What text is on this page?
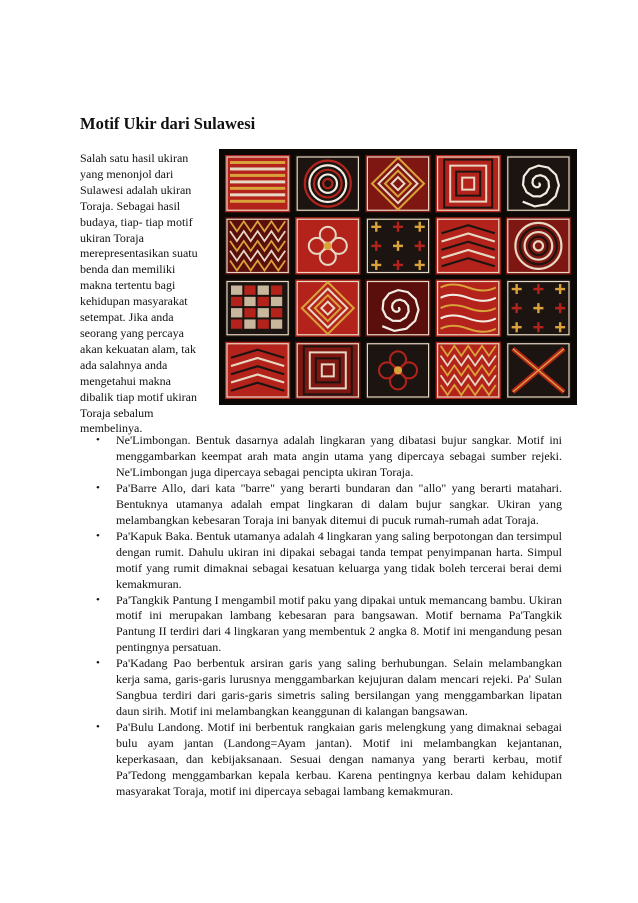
Motif Ukir dari Sulawesi
Salah satu hasil ukiran
yang menonjol dari
Sulawesi adalah ukiran
Toraja. Sebagai hasil
budaya, tiap- tiap motif
ukiran Toraja
merepresentasikan suatu
benda dan memiliki
makna tertentu bagi
kehidupan masyarakat
setempat. Jika anda
seorang yang percaya
akan kekuatan alam, tak
ada salahnya anda
mengetahui makna
dibalik tiap motif ukiran
Toraja sebalum
membelinya.
• Ne'Limbongan. Bentuk dasarnya adalah lingkaran yang dibatasi bujur sangkar. Motif ini menggambarkan keempat arah mata angin utama yang dipercaya sebagai sumber rejeki. Ne'Limbongan juga dipercaya sebagai pencipta ukiran Toraja.
• Pa'Barre Allo, dari kata "barre" yang berarti bundaran dan "allo" yang berarti matahari. Bentuknya utamanya adalah empat lingkaran di dalam bujur sangkar. Ukiran yang melambangkan kebesaran Toraja ini banyak ditemui di pucuk rumah-rumah adat Toraja.
• Pa'Kapuk Baka. Bentuk utamanya adalah 4 lingkaran yang saling berpotongan dan tersimpul dengan rumit. Dahulu ukiran ini dipakai sebagai tanda tempat penyimpanan harta. Simpul motif yang rumit dimaknai sebagai kesatuan keluarga yang tidak boleh tercerai berai demi kemakmuran.
• Pa'Tangkik Pantung I mengambil motif paku yang dipakai untuk memancang bambu. Ukiran motif ini merupakan lambang kebesaran para bangsawan. Motif bernama Pa'Tangkik Pantung II terdiri dari 4 lingkaran yang membentuk 2 angka 8. Motif ini mengandung pesan pentingnya persatuan.
• Pa'Kadang Pao berbentuk arsiran garis yang saling berhubungan. Selain melambangkan kerja sama, garis-garis lurusnya menggambarkan kejujuran dalam mencari rejeki. Pa' Sulan Sangbua terdiri dari garis-garis simetris saling bersilangan yang menggambarkan lipatan daun sirih. Motif ini melambangkan keanggunan di kalangan bangsawan.
• Pa'Bulu Landong. Motif ini berbentuk rangkaian garis melengkung yang dimaknai sebagai bulu ayam jantan (Landong=Ayam jantan). Motif ini melambangkan kejantanan, keperkasaan, dan kebijaksanaan. Sesuai dengan namanya yang berarti kerbau, motif Pa'Tedong menggambarkan kepala kerbau. Karena pentingnya kerbau dalam kehidupan masyarakat Toraja, motif ini dipercaya sebagai lambang kemakmuran.
